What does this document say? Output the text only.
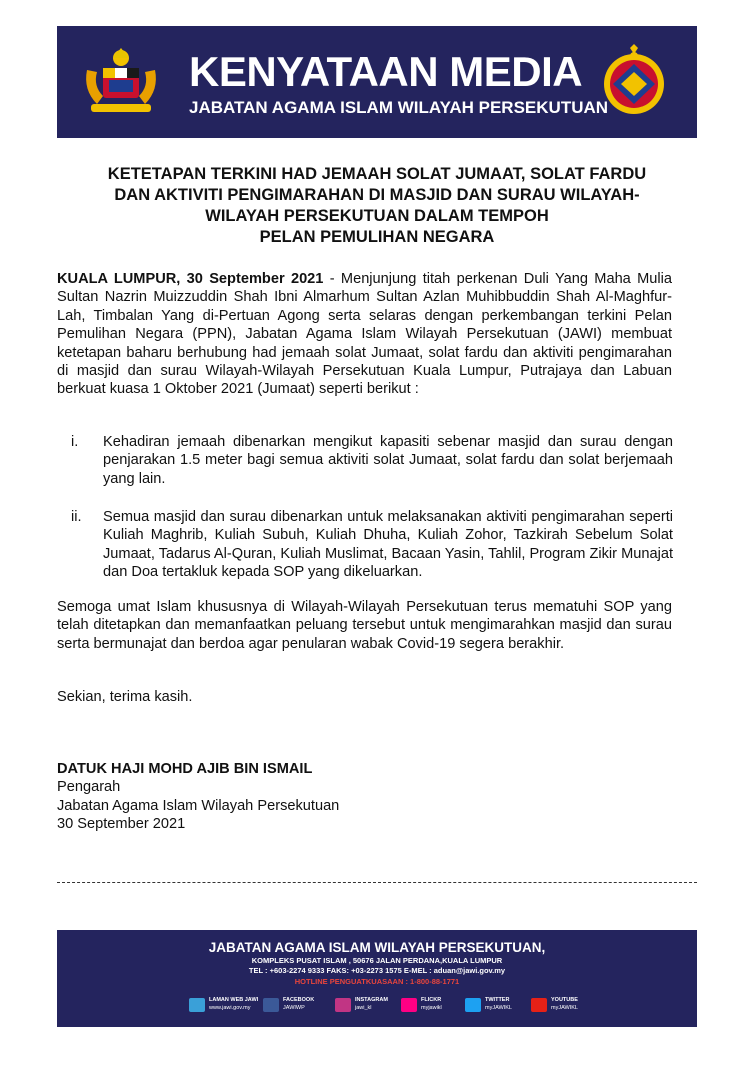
KENYATAAN MEDIA
JABATAN AGAMA ISLAM WILAYAH PERSEKUTUAN
KETETAPAN TERKINI HAD JEMAAH SOLAT JUMAAT, SOLAT FARDU
DAN AKTIVITI PENGIMARAHAN DI MASJID DAN SURAU WILAYAH-
WILAYAH PERSEKUTUAN DALAM TEMPOH
PELAN PEMULIHAN NEGARA
KUALA LUMPUR, 30 September 2021 - Menjunjung titah perkenan Duli Yang Maha Mulia Sultan Nazrin Muizzuddin Shah Ibni Almarhum Sultan Azlan Muhibbuddin Shah Al-Maghfur-Lah, Timbalan Yang di-Pertuan Agong serta selaras dengan perkembangan terkini Pelan Pemulihan Negara (PPN), Jabatan Agama Islam Wilayah Persekutuan (JAWI) membuat ketetapan baharu berhubung had jemaah solat Jumaat, solat fardu dan aktiviti pengimarahan di masjid dan surau Wilayah-Wilayah Persekutuan Kuala Lumpur, Putrajaya dan Labuan berkuat kuasa 1 Oktober 2021 (Jumaat) seperti berikut :
i. Kehadiran jemaah dibenarkan mengikut kapasiti sebenar masjid dan surau dengan penjarakan 1.5 meter bagi semua aktiviti solat Jumaat, solat fardu dan solat berjemaah yang lain.
ii. Semua masjid dan surau dibenarkan untuk melaksanakan aktiviti pengimarahan seperti Kuliah Maghrib, Kuliah Subuh, Kuliah Dhuha, Kuliah Zohor, Tazkirah Sebelum Solat Jumaat, Tadarus Al-Quran, Kuliah Muslimat, Bacaan Yasin, Tahlil, Program Zikir Munajat dan Doa tertakluk kepada SOP yang dikeluarkan.
Semoga umat Islam khususnya di Wilayah-Wilayah Persekutuan terus mematuhi SOP yang telah ditetapkan dan memanfaatkan peluang tersebut untuk mengimarahkan masjid dan surau serta bermunajat dan berdoa agar penularan wabak Covid-19 segera berakhir.
Sekian, terima kasih.
DATUK HAJI MOHD AJIB BIN ISMAIL
Pengarah
Jabatan Agama Islam Wilayah Persekutuan
30 September 2021
JABATAN AGAMA ISLAM WILAYAH PERSEKUTUAN,
KOMPLEKS PUSAT ISLAM , 50676 JALAN PERDANA,KUALA LUMPUR
TEL : +603-2274 9333 FAKS: +03-2273 1575 E-MEL : aduan@jawi.gov.my
HOTLINE PENGUATKUASAAN : 1-800-88-1771
LAMAN WEB JAWI
www.jawi.gov.my
FACEBOOK
JAWIWP
INSTAGRAM
jawi_kl
FLICKR
myjawikl
TWITTER
myJAWIKL
YOUTUBE
myJAWIKL
